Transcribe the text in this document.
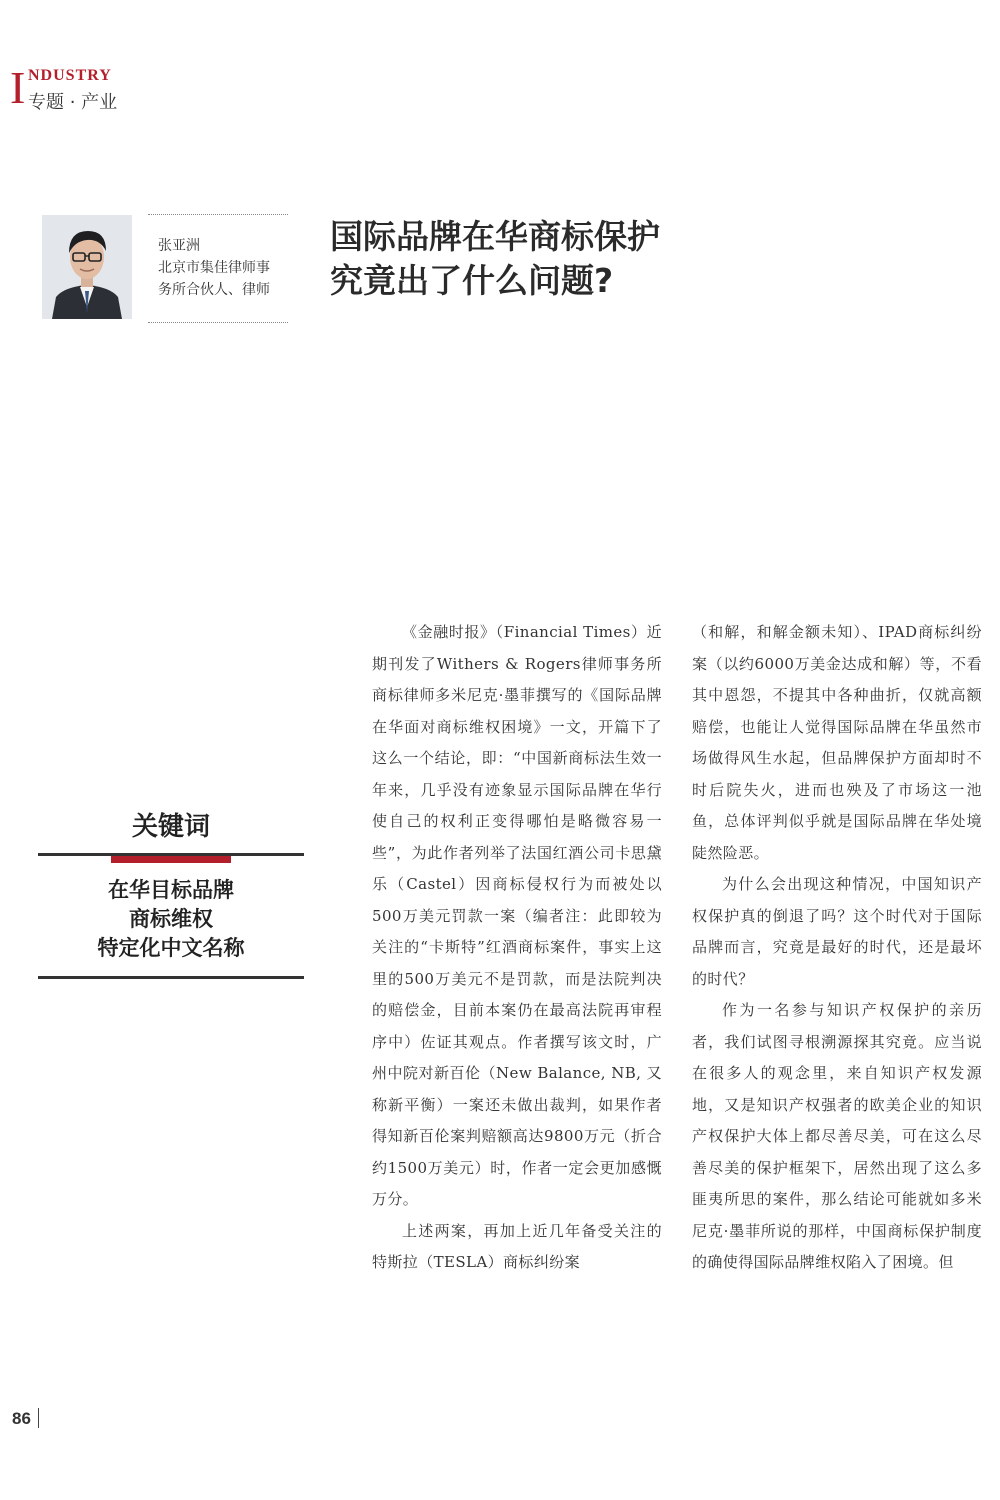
I NDUSTRY
专题 · 产业
张亚洲
北京市集佳律师事
务所合伙人、律师
国际品牌在华商标保护
究竟出了什么问题?
关键词
在华目标品牌
商标维权
特定化中文名称

《金融时报》（Financial Times）近期刊发了Withers & Rogers律师事务所商标律师多米尼克·墨菲撰写的《国际品牌在华面对商标维权困境》一文，开篇下了这么一个结论，即：“中国新商标法生效一年来，几乎没有迹象显示国际品牌在华行使自己的权利正变得哪怕是略微容易一些”，为此作者列举了法国红酒公司卡思黛乐（Castel）因商标侵权行为而被处以500万美元罚款一案（编者注：此即较为关注的“卡斯特”红酒商标案件，事实上这里的500万美元不是罚款，而是法院判决的赔偿金，目前本案仍在最高法院再审程序中）佐证其观点。作者撰写该文时，广州中院对新百伦（New Balance, NB, 又称新平衡）一案还未做出裁判，如果作者得知新百伦案判赔额高达9800万元（折合约1500万美元）时，作者一定会更加感慨万分。

上述两案，再加上近几年备受关注的特斯拉（TESLA）商标纠纷案

（和解，和解金额未知）、IPAD商标纠纷案（以约6000万美金达成和解）等，不看其中恩怨，不提其中各种曲折，仅就高额赔偿，也能让人觉得国际品牌在华虽然市场做得风生水起，但品牌保护方面却时不时后院失火，进而也殃及了市场这一池鱼，总体评判似乎就是国际品牌在华处境陡然险恶。

为什么会出现这种情况，中国知识产权保护真的倒退了吗？这个时代对于国际品牌而言，究竟是最好的时代，还是最坏的时代？

作为一名参与知识产权保护的亲历者，我们试图寻根溯源探其究竟。应当说在很多人的观念里，来自知识产权发源地，又是知识产权强者的欧美企业的知识产权保护大体上都尽善尽美，可在这么尽善尽美的保护框架下，居然出现了这么多匪夷所思的案件，那么结论可能就如多米尼克·墨菲所说的那样，中国商标保护制度的确使得国际品牌维权陷入了困境。但

86
